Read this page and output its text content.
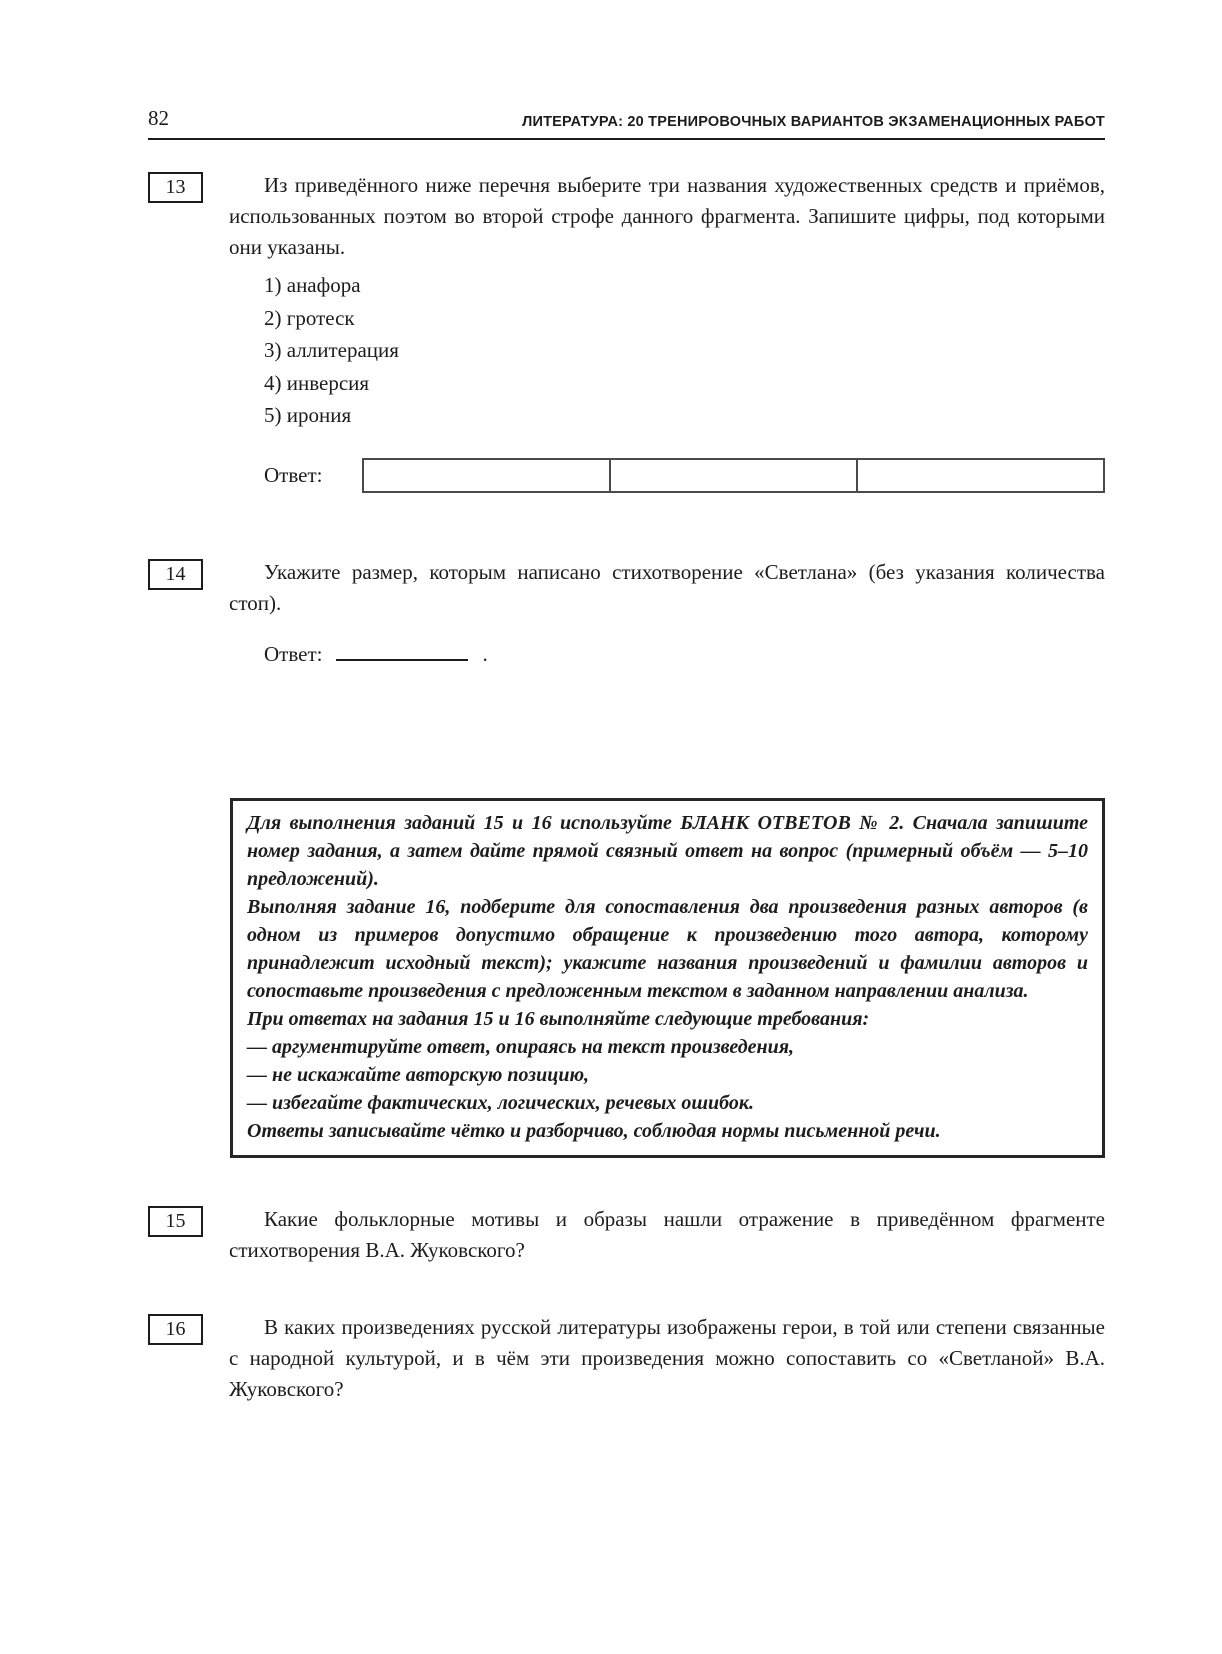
82	ЛИТЕРАТУРА: 20 ТРЕНИРОВОЧНЫХ ВАРИАНТОВ ЭКЗАМЕНАЦИОННЫХ РАБОТ
13	Из приведённого ниже перечня выберите три названия художественных средств и приёмов, использованных поэтом во второй строфе данного фрагмента. Запишите цифры, под которыми они указаны.

1) анафора
2) гротеск
3) аллитерация
4) инверсия
5) ирония
Ответ:
14	Укажите размер, которым написано стихотворение «Светлана» (без указания количества стоп).

Ответ:	.

Для выполнения заданий 15 и 16 используйте БЛАНК ОТВЕТОВ № 2. Сначала запишите номер задания, а затем дайте прямой связный ответ на вопрос (примерный объём — 5–10 предложений).

Выполняя задание 16, подберите для сопоставления два произведения разных авторов (в одном из примеров допустимо обращение к произведению того автора, которому принадлежит исходный текст); укажите названия произведений и фамилии авторов и сопоставьте произведения с предложенным текстом в заданном направлении анализа.

При ответах на задания 15 и 16 выполняйте следующие требования:

— аргументируйте ответ, опираясь на текст произведения,

— не искажайте авторскую позицию,

— избегайте фактических, логических, речевых ошибок.

Ответы записывайте чётко и разборчиво, соблюдая нормы письменной речи.

15	Какие фольклорные мотивы и образы нашли отражение в приведённом фрагменте стихотворения В.А. Жуковского?

16	В каких произведениях русской литературы изображены герои, в той или степени связанные с народной культурой, и в чём эти произведения можно сопоставить со «Светланой» В.А. Жуковского?
